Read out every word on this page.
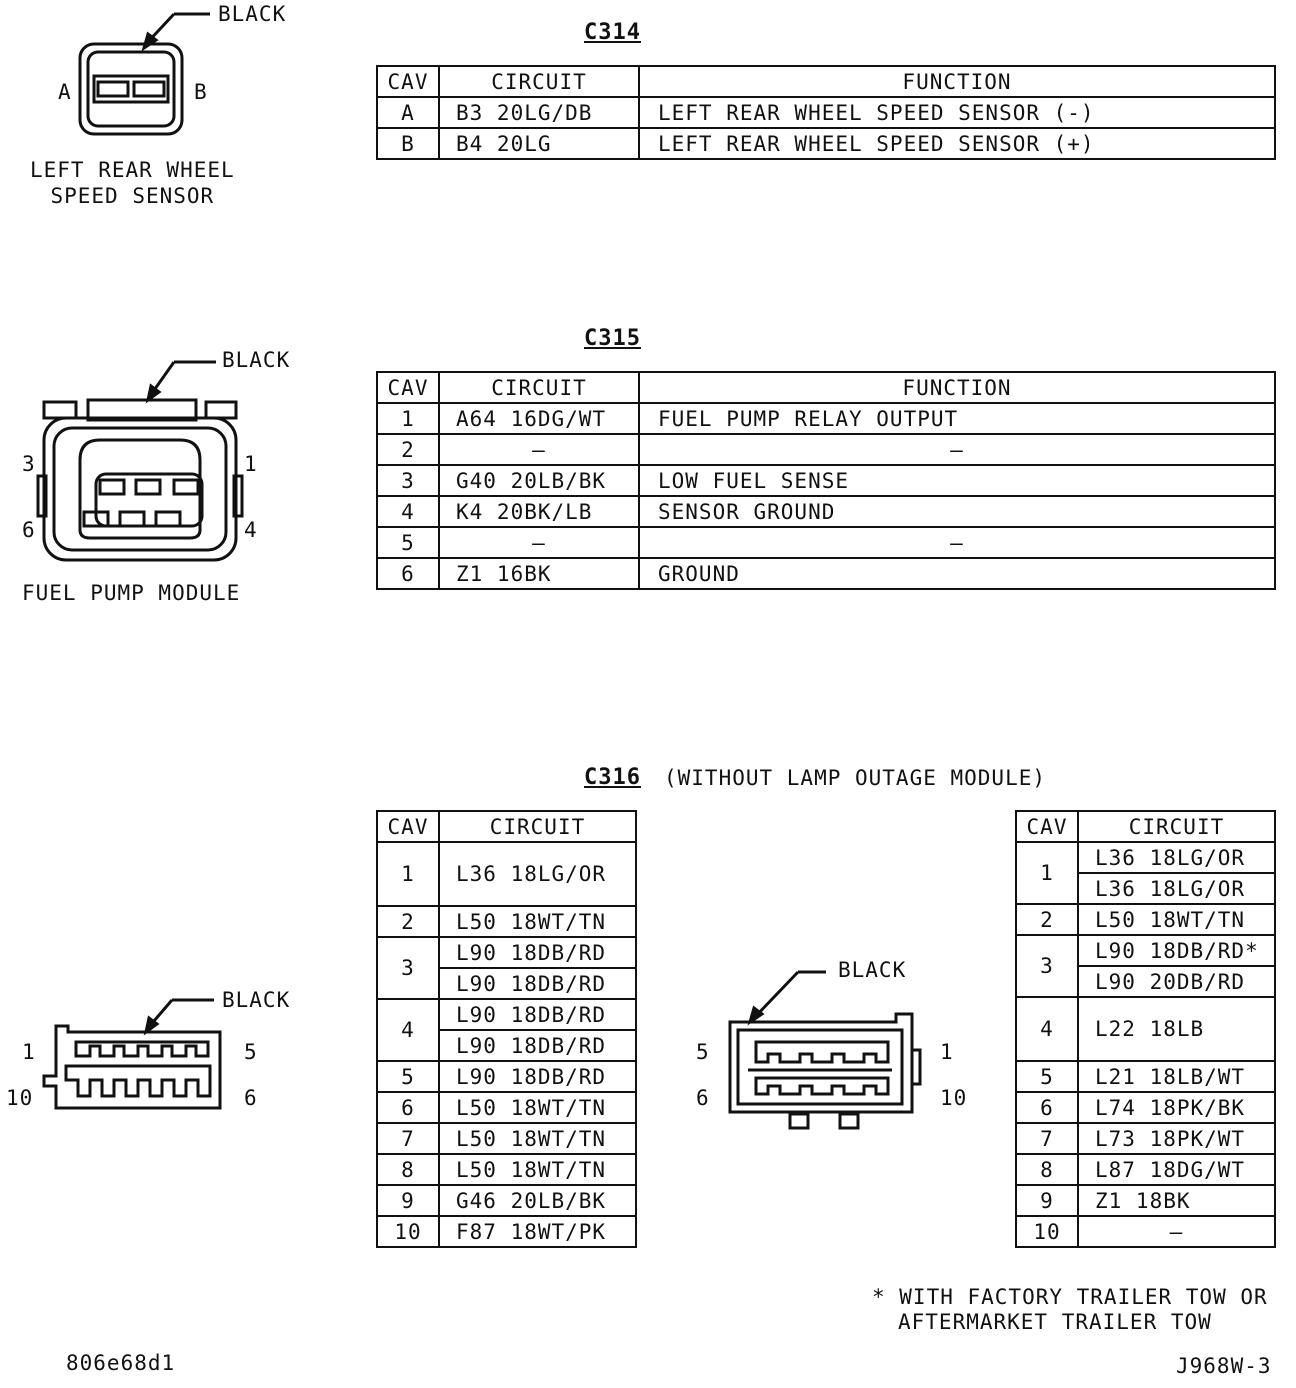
C314
BLACK
A	B
LEFT REAR WHEEL
SPEED SENSOR
CAV	CIRCUIT	FUNCTION
A	B3 20LG/DB	LEFT REAR WHEEL SPEED SENSOR (-)
B	B4 20LG	LEFT REAR WHEEL SPEED SENSOR (+)
C315
BLACK
3	1
6	4
FUEL PUMP MODULE
CAV	CIRCUIT	FUNCTION
1	A64 16DG/WT	FUEL PUMP RELAY OUTPUT
2	–	–
3	G40 20LB/BK	LOW FUEL SENSE
4	K4 20BK/LB	SENSOR GROUND
5	–	–
6	Z1 16BK	GROUND
C316 (WITHOUT LAMP OUTAGE MODULE)
BLACK
1	5
10	6
CAV	CIRCUIT
1	L36 18LG/OR
2	L50 18WT/TN
3	L90 18DB/RD
	L90 18DB/RD
4	L90 18DB/RD
	L90 18DB/RD
5	L90 18DB/RD
6	L50 18WT/TN
7	L50 18WT/TN
8	L50 18WT/TN
9	G46 20LB/BK
10	F87 18WT/PK
BLACK
5	1
6	10
CAV	CIRCUIT
1	L36 18LG/OR
	L36 18LG/OR
2	L50 18WT/TN
3	L90 18DB/RD*
	L90 20DB/RD
4	L22 18LB
5	L21 18LB/WT
6	L74 18PK/BK
7	L73 18PK/WT
8	L87 18DG/WT
9	Z1 18BK
10	–
* WITH FACTORY TRAILER TOW OR
AFTERMARKET TRAILER TOW
806e68d1	J968W-3
